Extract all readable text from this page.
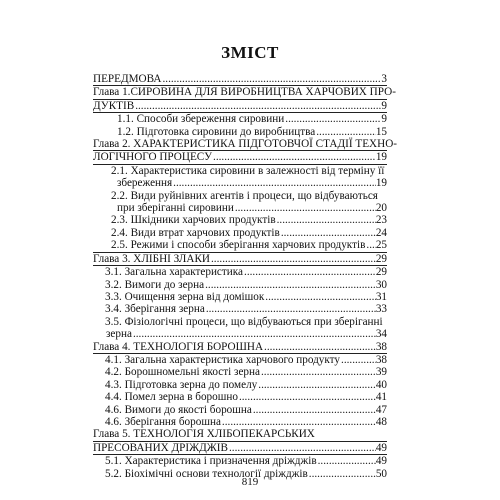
ЗМІСТ
ПЕРЕДМОВА .....	3
Глава 1.СИРОВИНА ДЛЯ ВИРОБНИЦТВА ХАРЧОВИХ ПРО-
ДУКТІВ .....	9
1.1. Способи збереження сировини .....	9
1.2. Підготовка сировини до виробництва .....	15
Глава 2. ХАРАКТЕРИСТИКА ПІДГОТОВЧОЇ СТАДІЇ ТЕХНО-
ЛОГІЧНОГО ПРОЦЕСУ .....	19
2.1. Характеристика сировини в залежності від терміну її
збереження .....	19
2.2. Види руйнівних агентів і процеси, що відбуваються
при зберіганні сировини .....	20
2.3. Шкідники харчових продуктів .....	23
2.4. Види втрат харчових продуктів .....	24
2.5. Режими і способи зберігання харчових продуктів ..... 25
Глава 3. ХЛІБНІ ЗЛАКИ .....	29
3.1. Загальна характеристика .....	29
3.2. Вимоги до зерна .....	30
3.3. Очищення зерна від домішок .....	31
3.4. Зберігання зерна .....	33
3.5. Фізіологічні процеси, що відбуваються при зберіганні
зерна .....	34
Глава 4. ТЕХНОЛОГІЯ БОРОШНА .....	38
4.1. Загальна характеристика харчового продукту .....	38
4.2. Борошномельні якості зерна .....	39
4.3. Підготовка зерна до помелу .....	40
4.4. Помел зерна в борошно .....	41
4.6. Вимоги до якості борошна .....	47
4.6. Зберігання борошна .....	48
Глава 5. ТЕХНОЛОГІЯ ХЛІБОПЕКАРСЬКИХ
ПРЕСОВАНИХ ДРІЖДЖІВ .....	49
5.1. Характеристика і призначення дріжджів .....	49
5.2. Біохімічні основи технології дріжджів .....	50
819
